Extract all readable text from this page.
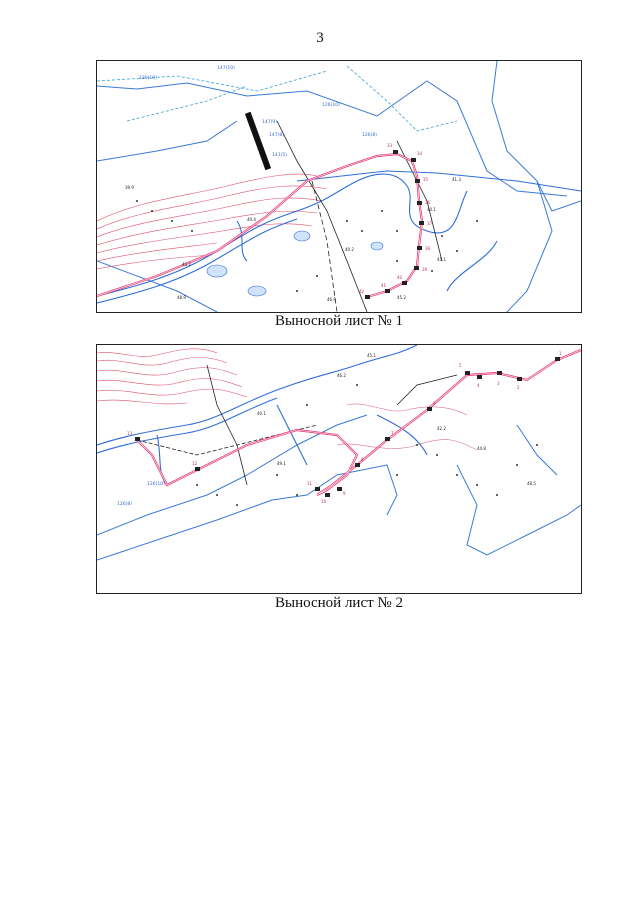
3
126(10)
147(10)
147(9)
147(8)
126(10)
141(5)
126(8)
39.9
40.2
40.4
40.2
40.1
41.3
45.1
46.9
48.9	45.2
33
34
35
36
37
38
39
40
41
42
Выносной лист № 1
45.1
46.2
40.1
42.2
44.8
48.5
49.1
126(8)
126(10)
13
12
11
10
9
8
7
6
5
4	3
2
1
Выносной лист № 2
